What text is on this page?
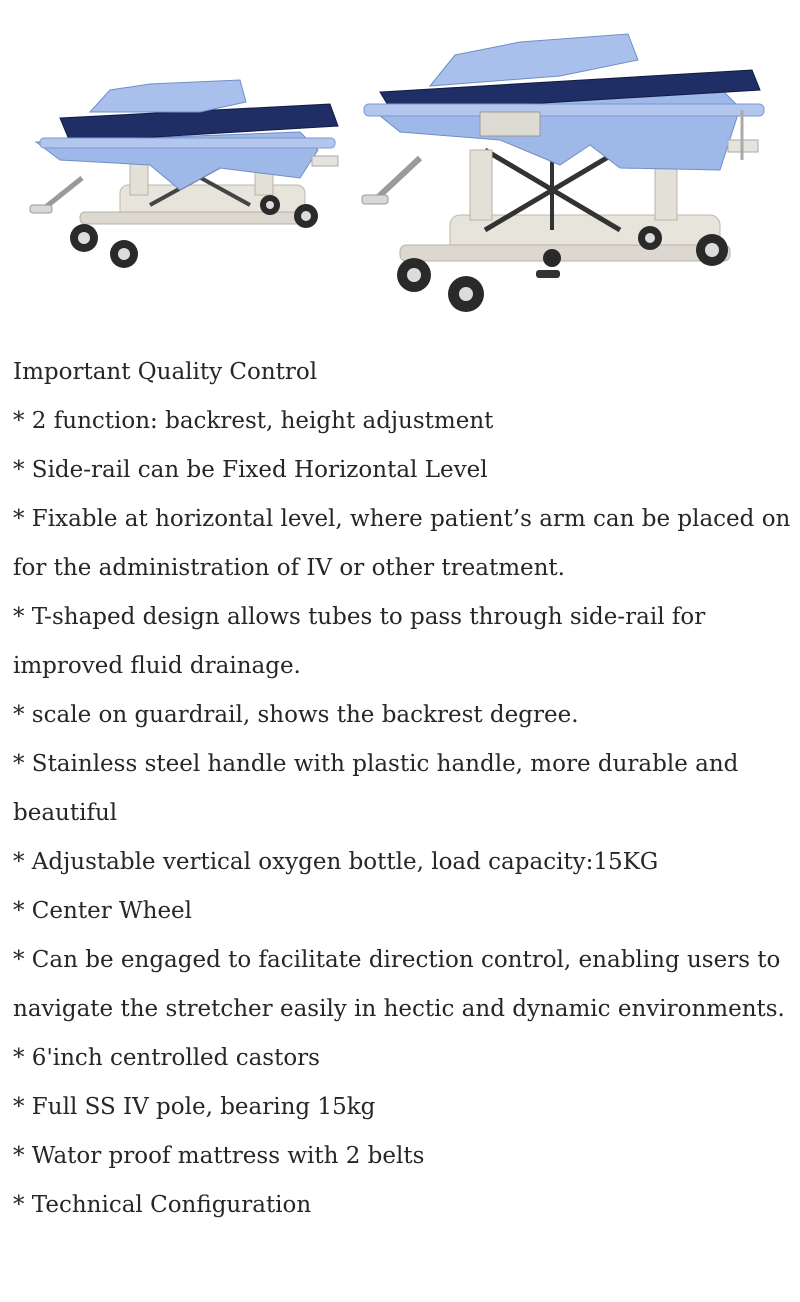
Important Quality Control

* 2 function: backrest, height adjustment

* Side-rail can be Fixed Horizontal Level

* Fixable at horizontal level, where patient’s arm can be placed on for the administration of IV or other treatment.

* T-shaped design allows tubes to pass through side-rail for improved fluid drainage.

* scale on guardrail, shows the backrest degree.

* Stainless steel handle with plastic handle, more durable and beautiful

* Adjustable vertical oxygen bottle, load capacity:15KG

* Center Wheel

* Can be engaged to facilitate direction control, enabling users to navigate the stretcher easily in hectic and dynamic environments.

* 6'inch centrolled castors

* Full SS IV pole, bearing 15kg

* Wator proof mattress with 2 belts

* Technical Configuration
